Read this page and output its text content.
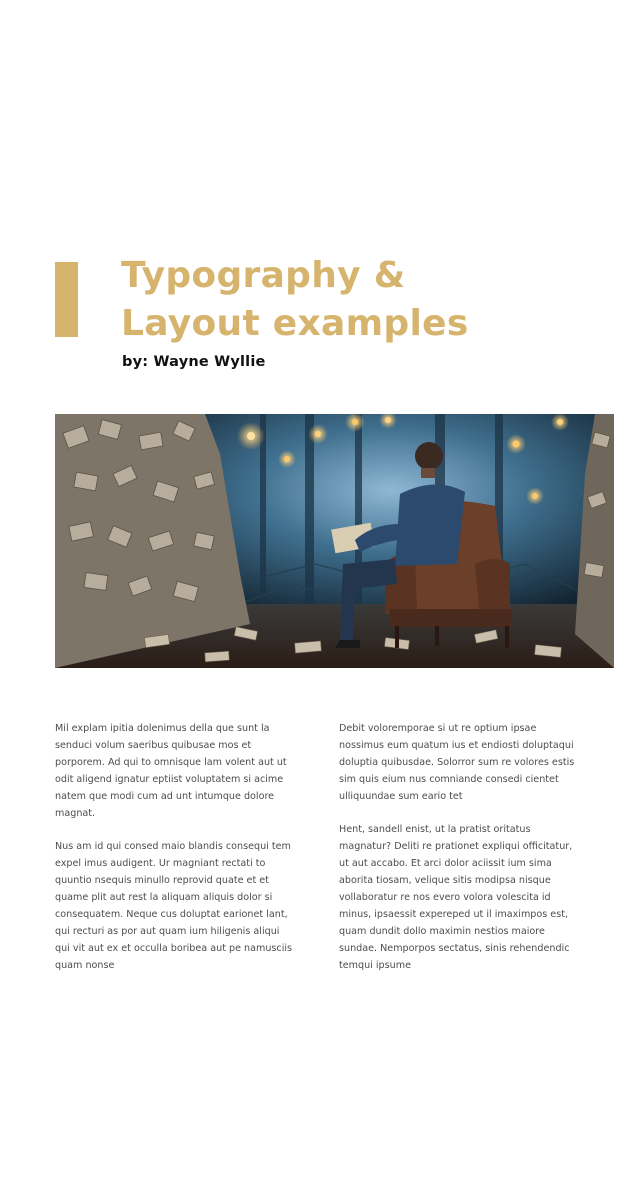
Typography &
Layout examples
by: Wayne Wyllie

Mil explam ipitia dolenimus della que sunt la senduci volum saeribus quibusae mos et porporem. Ad qui to omnisque lam volent aut ut odit aligend ignatur eptiist voluptatem si acime natem que modi cum ad unt intumque dolore magnat.

Nus am id qui consed maio blandis consequi tem expel imus audigent. Ur magniant rectati to quuntio nsequis minullo reprovid quate et et quame plit aut rest la aliquam aliquis dolor si consequatem. Neque cus doluptat earionet lant, qui recturi as por aut quam ium hiligenis aliqui qui vit aut ex et occulla boribea aut pe namusciis quam nonse

Debit voloremporae si ut re optium ipsae nossimus eum quatum ius et endiosti doluptaqui doluptia quibusdae. Solorror sum re volores estis sim quis eium nus comniande consedi cientet ulliquundae sum eario tet

Hent, sandell enist, ut la pratist oritatus magnatur? Deliti re prationet expliqui officitatur, ut aut accabo. Et arci dolor aciissit ium sima aborita tiosam, velique sitis modipsa nisque vollaboratur re nos evero volora volescita id minus, ipsaessit expereped ut il imaximpos est, quam dundit dollo maximin nestios maiore sundae. Nemporpos sectatus, sinis rehendendic temqui ipsume
